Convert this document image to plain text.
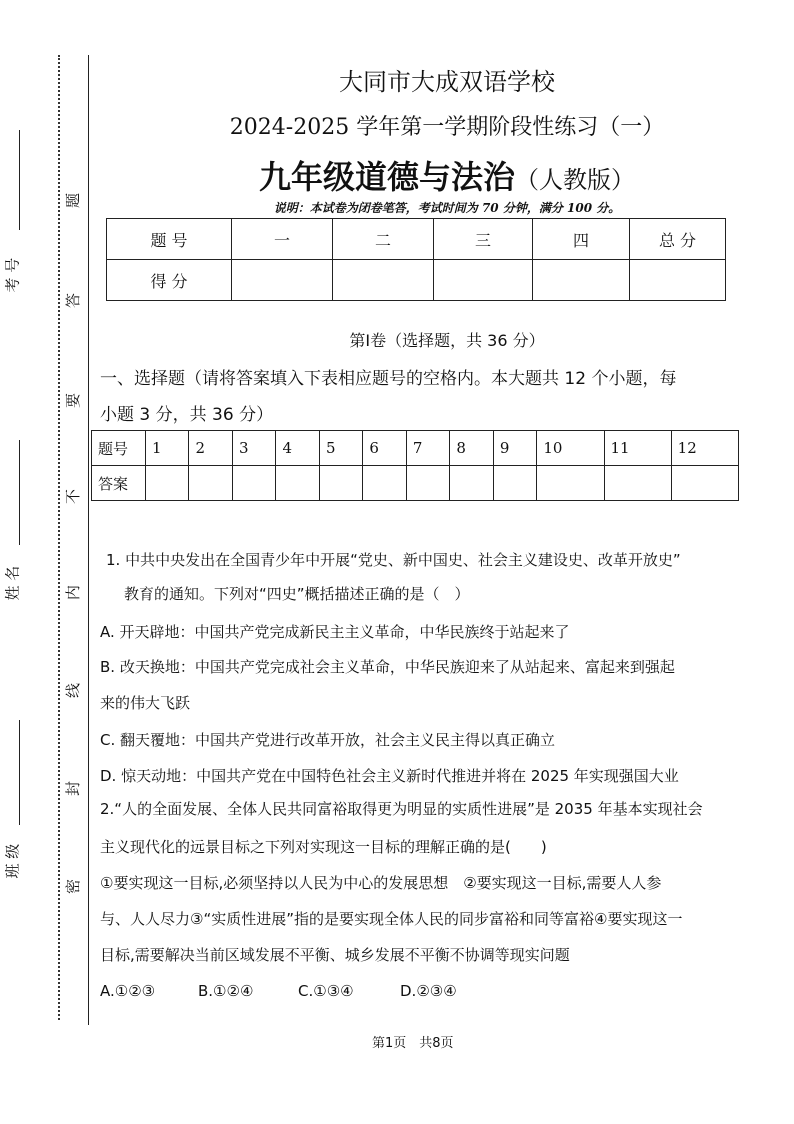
考 号
姓 名
班 级
题
答
要
不
内
线
封
密
大同市大成双语学校
2024-2025 学年第一学期阶段性练习（一）
九年级道德与法治（人教版）
说明：本试卷为闭卷笔答，考试时间为 70 分钟，满分 100 分。
题 号	一	二	三	四	总 分
得 分					
第Ⅰ卷（选择题，共 36 分）
一、选择题（请将答案填入下表相应题号的空格内。本大题共 12 个小题，每
小题 3 分，共 36 分）
题号	1	2	3	4	5	6	7	8	9	10	11	12
答案												
1. 中共中央发出在全国青少年中开展“党史、新中国史、社会主义建设史、改革开放史”
教育的通知。下列对“四史”概括描述正确的是（　）
A. 开天辟地：中国共产党完成新民主主义革命，中华民族终于站起来了
B. 改天换地：中国共产党完成社会主义革命，中华民族迎来了从站起来、富起来到强起
来的伟大飞跃
C. 翻天覆地：中国共产党进行改革开放，社会主义民主得以真正确立
D. 惊天动地：中国共产党在中国特色社会主义新时代推进并将在 2025 年实现强国大业
2.“人的全面发展、全体人民共同富裕取得更为明显的实质性进展”是 2035 年基本实现社会
主义现代化的远景目标之下列对实现这一目标的理解正确的是(　　)
①要实现这一目标,必须坚持以人民为中心的发展思想　②要实现这一目标,需要人人参
与、人人尽力③“实质性进展”指的是要实现全体人民的同步富裕和同等富裕④要实现这一
目标,需要解决当前区域发展不平衡、城乡发展不平衡不协调等现实问题
A.①②③	B.①②④	C.①③④	D.②③④
第1页　共8页
